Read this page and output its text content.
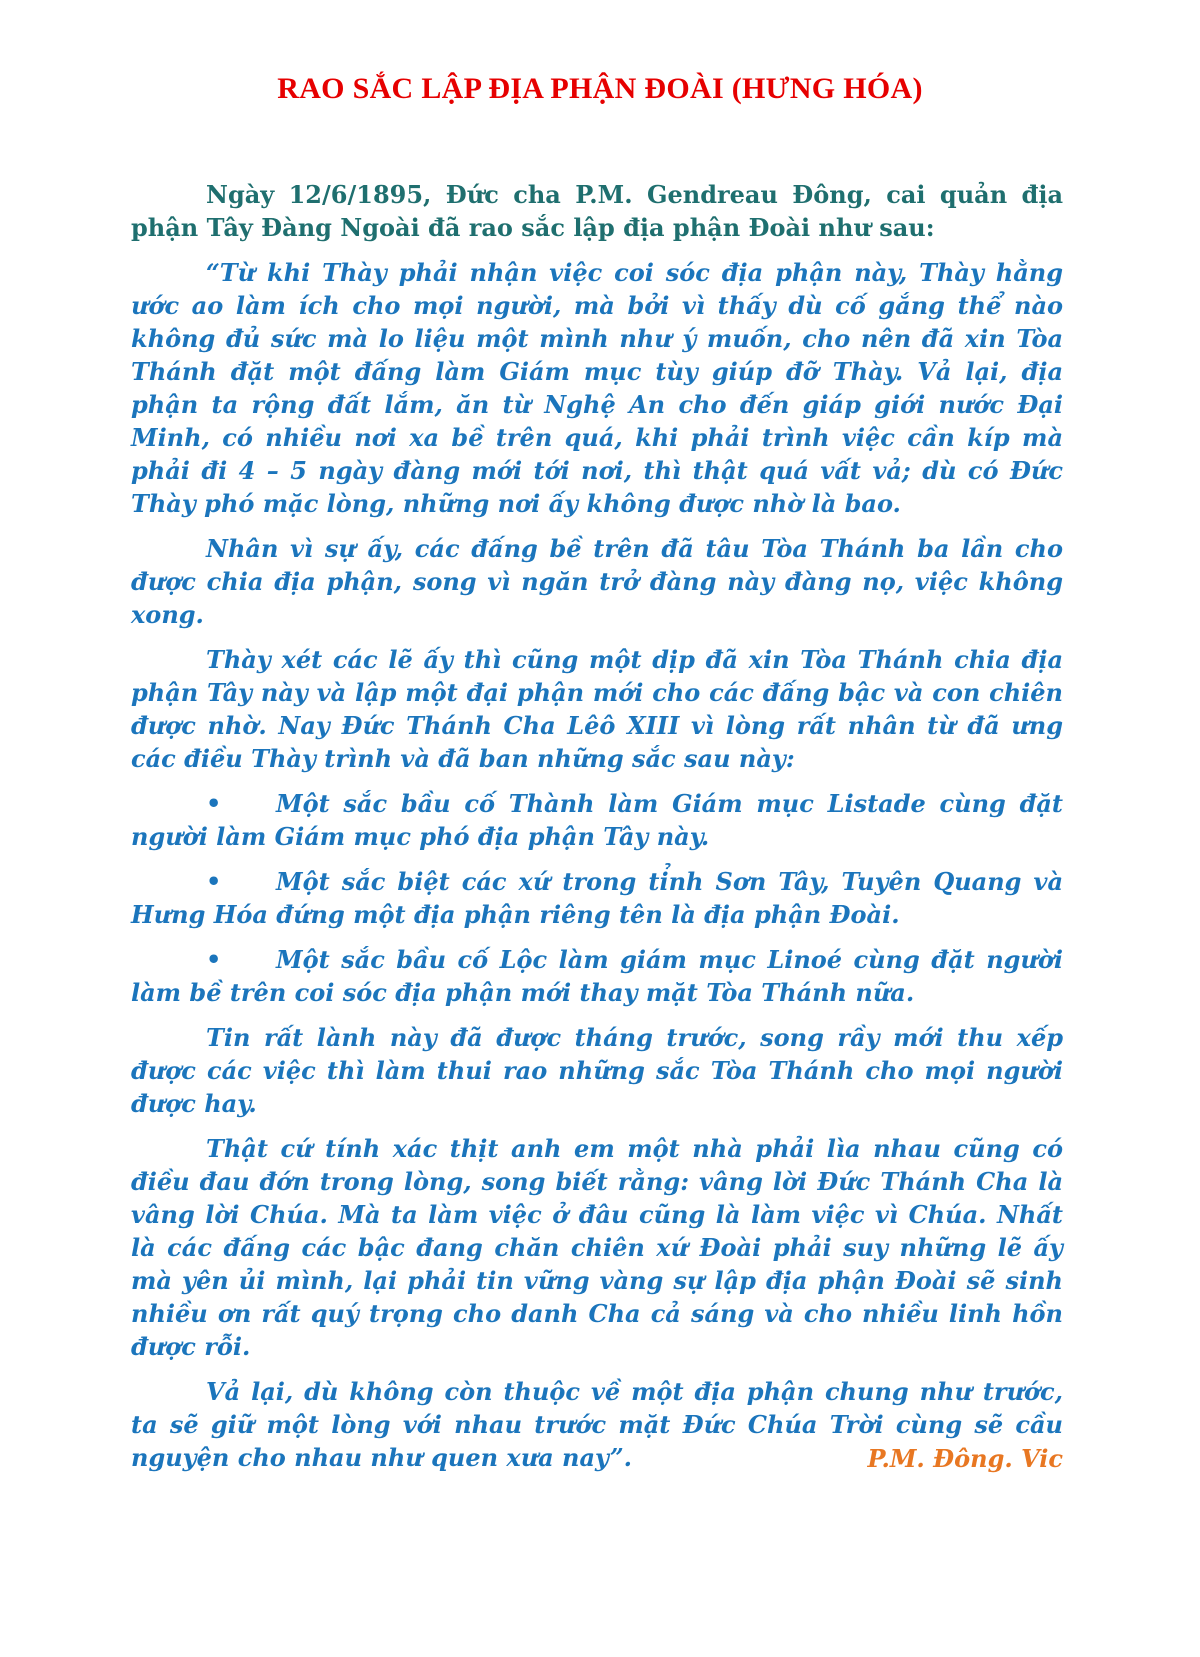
RAO SẮC LẬP ĐỊA PHẬN ĐOÀI (HƯNG HÓA)

Ngày 12/6/1895, Đức cha P.M. Gendreau Đông, cai quản địa phận Tây Đàng Ngoài đã rao sắc lập địa phận Đoài như sau:

“Từ khi Thày phải nhận việc coi sóc địa phận này, Thày hằng ước ao làm ích cho mọi người, mà bởi vì thấy dù cố gắng thể nào không đủ sức mà lo liệu một mình như ý muốn, cho nên đã xin Tòa Thánh đặt một đấng làm Giám mục tùy giúp đỡ Thày. Vả lại, địa phận ta rộng đất lắm, ăn từ Nghệ An cho đến giáp giới nước Đại Minh, có nhiều nơi xa bề trên quá, khi phải trình việc cần kíp mà phải đi 4 – 5 ngày đàng mới tới nơi, thì thật quá vất vả; dù có Đức Thày phó mặc lòng, những nơi ấy không được nhờ là bao.

Nhân vì sự ấy, các đấng bề trên đã tâu Tòa Thánh ba lần cho được chia địa phận, song vì ngăn trở đàng này đàng nọ, việc không xong.

Thày xét các lẽ ấy thì cũng một dịp đã xin Tòa Thánh chia địa phận Tây này và lập một đại phận mới cho các đấng bậc và con chiên được nhờ. Nay Đức Thánh Cha Lêô XIII vì lòng rất nhân từ đã ưng các điều Thày trình và đã ban những sắc sau này:

• Một sắc bầu cố Thành làm Giám mục Listade cùng đặt người làm Giám mục phó địa phận Tây này.

• Một sắc biệt các xứ trong tỉnh Sơn Tây, Tuyên Quang và Hưng Hóa đứng một địa phận riêng tên là địa phận Đoài.

• Một sắc bầu cố Lộc làm giám mục Linoé cùng đặt người làm bề trên coi sóc địa phận mới thay mặt Tòa Thánh nữa.

Tin rất lành này đã được tháng trước, song rầy mới thu xếp được các việc thì làm thui rao những sắc Tòa Thánh cho mọi người được hay.

Thật cứ tính xác thịt anh em một nhà phải lìa nhau cũng có điều đau đớn trong lòng, song biết rằng: vâng lời Đức Thánh Cha là vâng lời Chúa. Mà ta làm việc ở đâu cũng là làm việc vì Chúa. Nhất là các đấng các bậc đang chăn chiên xứ Đoài phải suy những lẽ ấy mà yên ủi mình, lại phải tin vững vàng sự lập địa phận Đoài sẽ sinh nhiều ơn rất quý trọng cho danh Cha cả sáng và cho nhiều linh hồn được rỗi.

Vả lại, dù không còn thuộc về một địa phận chung như trước, ta sẽ giữ một lòng với nhau trước mặt Đức Chúa Trời cùng sẽ cầu nguyện cho nhau như quen xưa nay”.	P.M. Đông. Vic
